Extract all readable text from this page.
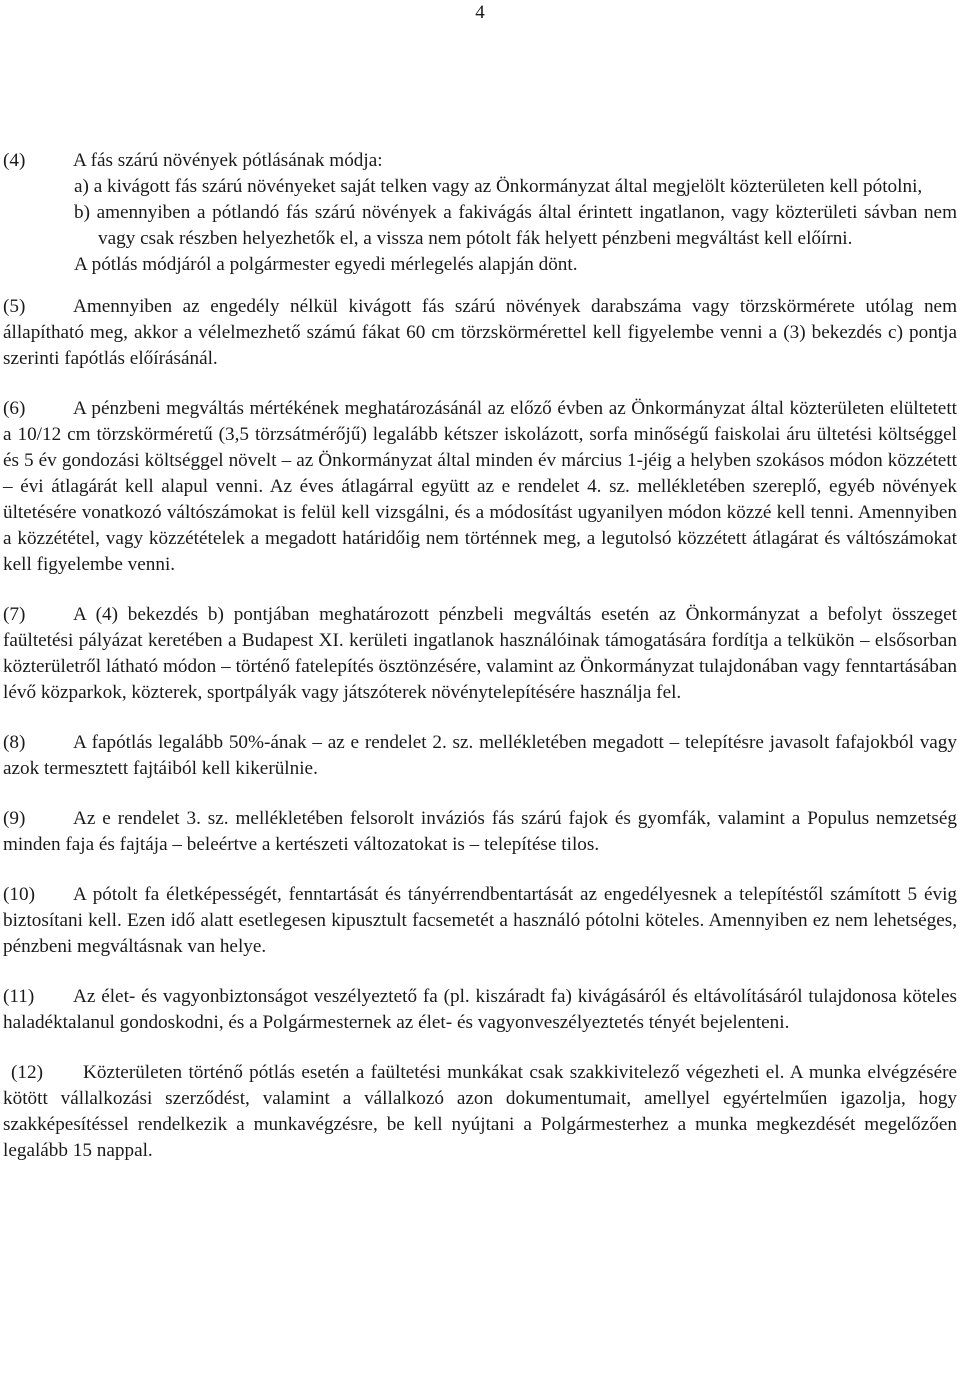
4
(4) A fás szárú növények pótlásának módja:
a) a kivágott fás szárú növényeket saját telken vagy az Önkormányzat által megjelölt közterületen kell pótolni,
b) amennyiben a pótlandó fás szárú növények a fakivágás által érintett ingatlanon, vagy közterületi sávban nem vagy csak részben helyezhetők el, a vissza nem pótolt fák helyett pénzbeni megváltást kell előírni.
A pótlás módjáról a polgármester egyedi mérlegelés alapján dönt.
(5) Amennyiben az engedély nélkül kivágott fás szárú növények darabszáma vagy törzskörmérete utólag nem állapítható meg, akkor a vélelmezhető számú fákat 60 cm törzskörmérettel kell figyelembe venni a (3) bekezdés c) pontja szerinti fapótlás előírásánál.
(6) A pénzbeni megváltás mértékének meghatározásánál az előző évben az Önkormányzat által közterületen elültetett a 10/12 cm törzskörméretű (3,5 törzsátmérőjű) legalább kétszer iskolázott, sorfa minőségű faiskolai áru ültetési költséggel és 5 év gondozási költséggel növelt – az Önkormányzat által minden év március 1-jéig a helyben szokásos módon közzétett – évi átlagárát kell alapul venni. Az éves átlagárral együtt az e rendelet 4. sz. mellékletében szereplő, egyéb növények ültetésére vonatkozó váltószámokat is felül kell vizsgálni, és a módosítást ugyanilyen módon közzé kell tenni. Amennyiben a közzététel, vagy közzétételek a megadott határidőig nem történnek meg, a legutolsó közzétett átlagárat és váltószámokat kell figyelembe venni.
(7) A (4) bekezdés b) pontjában meghatározott pénzbeli megváltás esetén az Önkormányzat a befolyt összeget faültetési pályázat keretében a Budapest XI. kerületi ingatlanok használóinak támogatására fordítja a telkükön – elsősorban közterületről látható módon – történő fatelepítés ösztönzésére, valamint az Önkormányzat tulajdonában vagy fenntartásában lévő közparkok, közterek, sportpályák vagy játszóterek növénytelepítésére használja fel.
(8) A fapótlás legalább 50%-ának – az e rendelet 2. sz. mellékletében megadott – telepítésre javasolt fafajokból vagy azok termesztett fajtáiból kell kikerülnie.
(9) Az e rendelet 3. sz. mellékletében felsorolt inváziós fás szárú fajok és gyomfák, valamint a Populus nemzetség minden faja és fajtája – beleértve a kertészeti változatokat is – telepítése tilos.
(10) A pótolt fa életképességét, fenntartását és tányérrendbentartását az engedélyesnek a telepítéstől számított 5 évig biztosítani kell. Ezen idő alatt esetlegesen kipusztult facsemetét a használó pótolni köteles. Amennyiben ez nem lehetséges, pénzbeni megváltásnak van helye.
(11) Az élet- és vagyonbiztonságot veszélyeztető fa (pl. kiszáradt fa) kivágásáról és eltávolításáról tulajdonosa köteles haladéktalanul gondoskodni, és a Polgármesternek az élet- és vagyonveszélyeztetés tényét bejelenteni.
(12) Közterületen történő pótlás esetén a faültetési munkákat csak szakkivitelező végezheti el. A munka elvégzésére kötött vállalkozási szerződést, valamint a vállalkozó azon dokumentumait, amellyel egyértelműen igazolja, hogy szakképesítéssel rendelkezik a munkavégzésre, be kell nyújtani a Polgármesterhez a munka megkezdését megelőzően legalább 15 nappal.
